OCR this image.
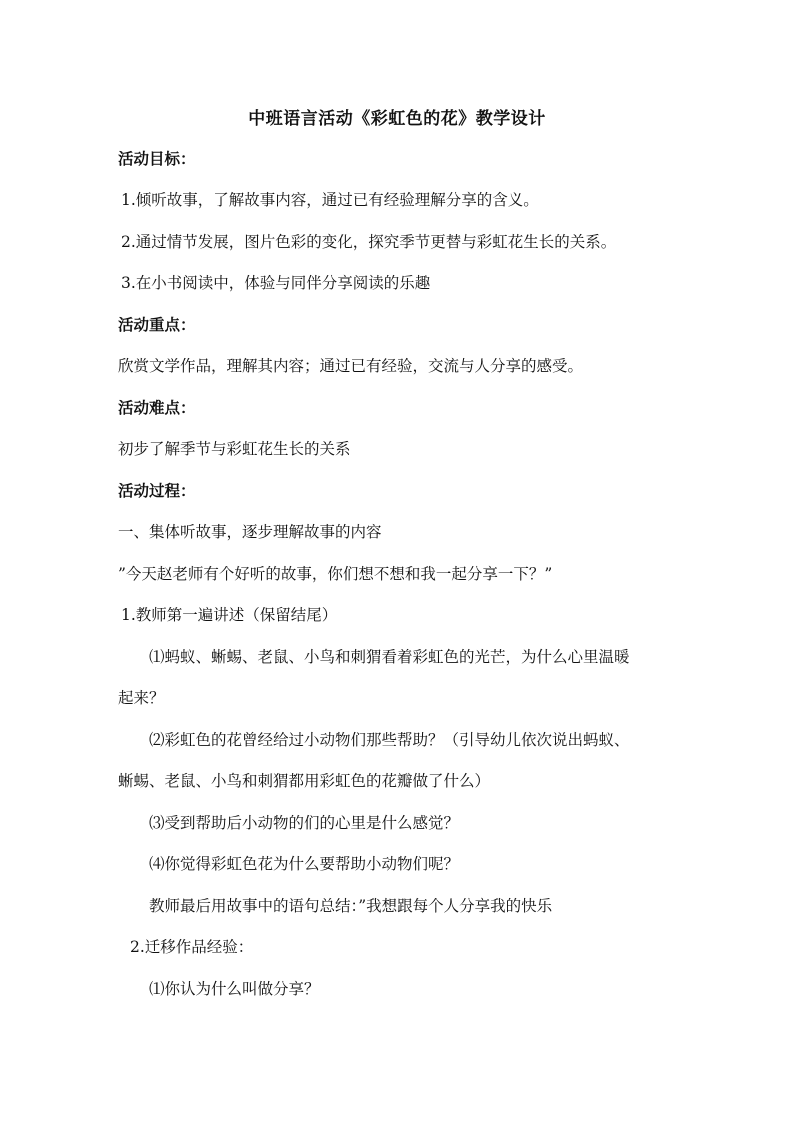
中班语言活动《彩虹色的花》教学设计
活动目标：
1.倾听故事，了解故事内容，通过已有经验理解分享的含义。
2.通过情节发展，图片色彩的变化，探究季节更替与彩虹花生长的关系。
3.在小书阅读中，体验与同伴分享阅读的乐趣
活动重点：
欣赏文学作品，理解其内容；通过已有经验，交流与人分享的感受。
活动难点：
初步了解季节与彩虹花生长的关系
活动过程：
一、集体听故事，逐步理解故事的内容
”今天赵老师有个好听的故事，你们想不想和我一起分享一下？”
1.教师第一遍讲述（保留结尾）
⑴蚂蚁、蜥蜴、老鼠、小鸟和刺猬看着彩虹色的光芒，为什么心里温暖
起来？
⑵彩虹色的花曾经给过小动物们那些帮助？（引导幼儿依次说出蚂蚁、
蜥蜴、老鼠、小鸟和刺猬都用彩虹色的花瓣做了什么）
⑶受到帮助后小动物的们的心里是什么感觉？
⑷你觉得彩虹色花为什么要帮助小动物们呢？
教师最后用故事中的语句总结：”我想跟每个人分享我的快乐
2.迁移作品经验：
⑴你认为什么叫做分享？
